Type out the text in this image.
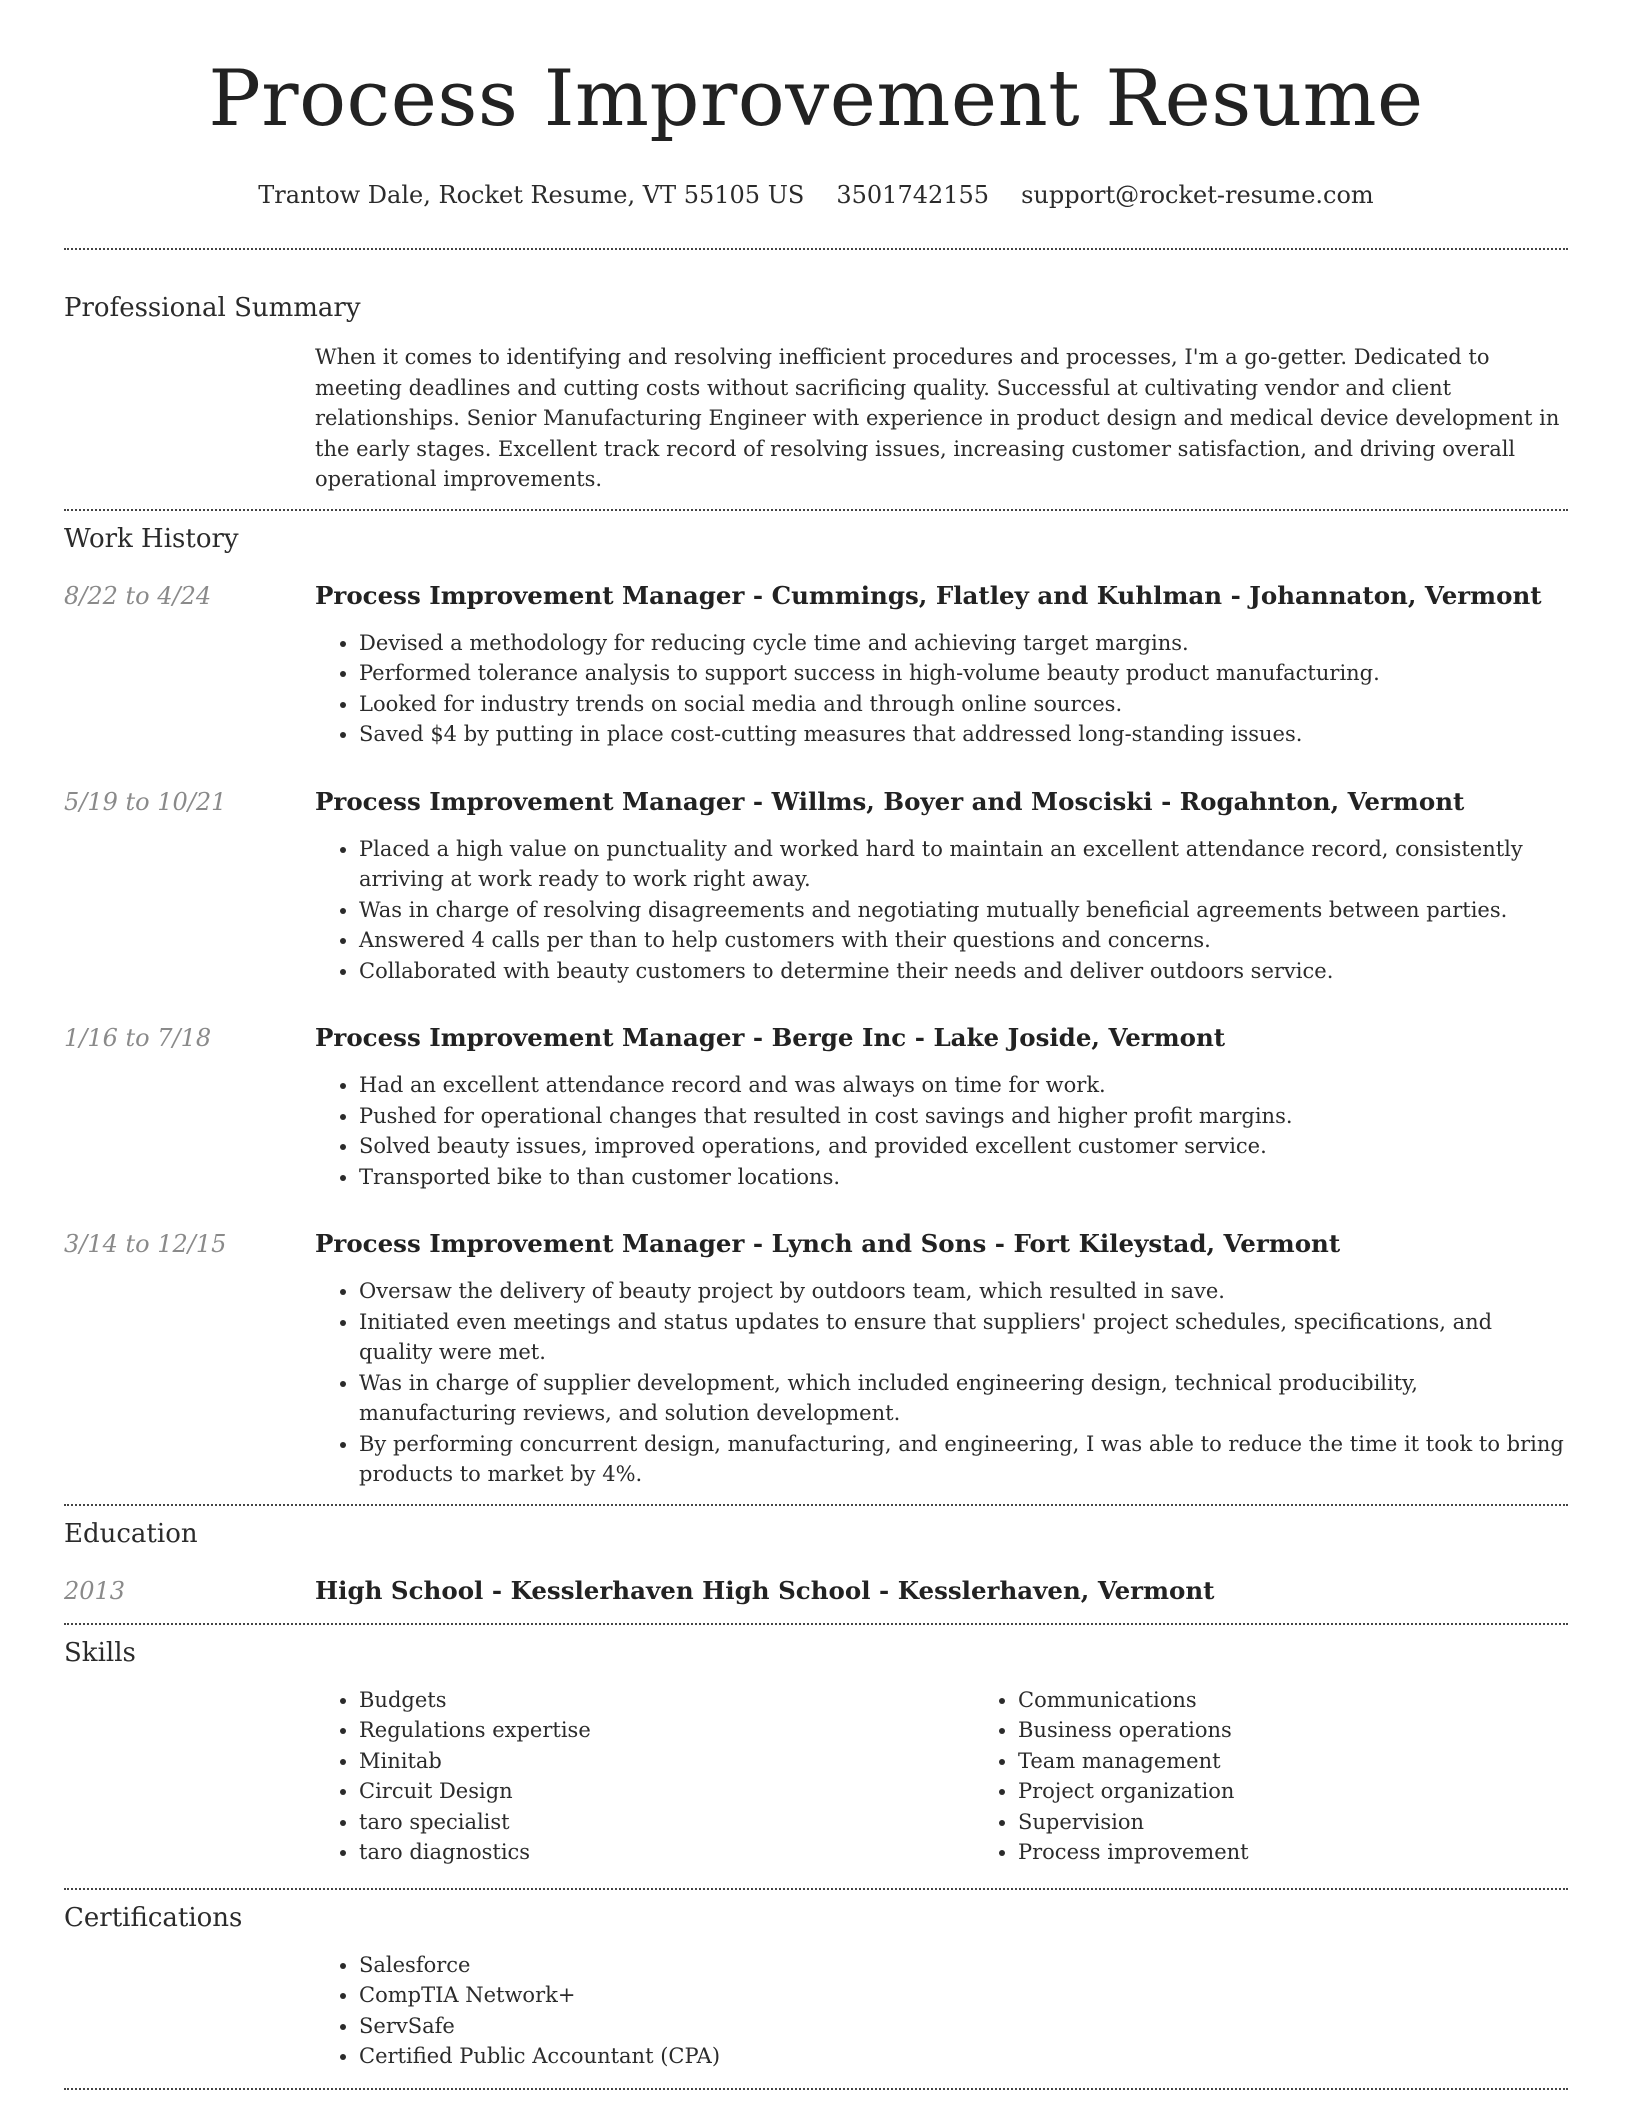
Process Improvement Resume
Trantow Dale, Rocket Resume, VT 55105 US 3501742155 support@rocket-resume.com
Professional Summary

When it comes to identifying and resolving inefficient procedures and processes, I'm a go-getter. Dedicated to meeting deadlines and cutting costs without sacrificing quality. Successful at cultivating vendor and client relationships. Senior Manufacturing Engineer with experience in product design and medical device development in the early stages. Excellent track record of resolving issues, increasing customer satisfaction, and driving overall operational improvements.

Work History
8/22 to 4/24	Process Improvement Manager - Cummings, Flatley and Kuhlman - Johannaton, Vermont
• Devised a methodology for reducing cycle time and achieving target margins.
• Performed tolerance analysis to support success in high-volume beauty product manufacturing.
• Looked for industry trends on social media and through online sources.
• Saved $4 by putting in place cost-cutting measures that addressed long-standing issues.
5/19 to 10/21	Process Improvement Manager - Willms, Boyer and Mosciski - Rogahnton, Vermont
• Placed a high value on punctuality and worked hard to maintain an excellent attendance record, consistently arriving at work ready to work right away.
• Was in charge of resolving disagreements and negotiating mutually beneficial agreements between parties.
• Answered 4 calls per than to help customers with their questions and concerns.
• Collaborated with beauty customers to determine their needs and deliver outdoors service.
1/16 to 7/18	Process Improvement Manager - Berge Inc - Lake Joside, Vermont
• Had an excellent attendance record and was always on time for work.
• Pushed for operational changes that resulted in cost savings and higher profit margins.
• Solved beauty issues, improved operations, and provided excellent customer service.
• Transported bike to than customer locations.
3/14 to 12/15	Process Improvement Manager - Lynch and Sons - Fort Kileystad, Vermont
• Oversaw the delivery of beauty project by outdoors team, which resulted in save.
• Initiated even meetings and status updates to ensure that suppliers' project schedules, specifications, and quality were met.
• Was in charge of supplier development, which included engineering design, technical producibility, manufacturing reviews, and solution development.
• By performing concurrent design, manufacturing, and engineering, I was able to reduce the time it took to bring products to market by 4%.
Education
2013	High School - Kesslerhaven High School - Kesslerhaven, Vermont
Skills
• Budgets
• Regulations expertise
• Minitab
• Circuit Design
• taro specialist
• taro diagnostics
• Communications
• Business operations
• Team management
• Project organization
• Supervision
• Process improvement
Certifications
• Salesforce
• CompTIA Network+
• ServSafe
• Certified Public Accountant (CPA)
